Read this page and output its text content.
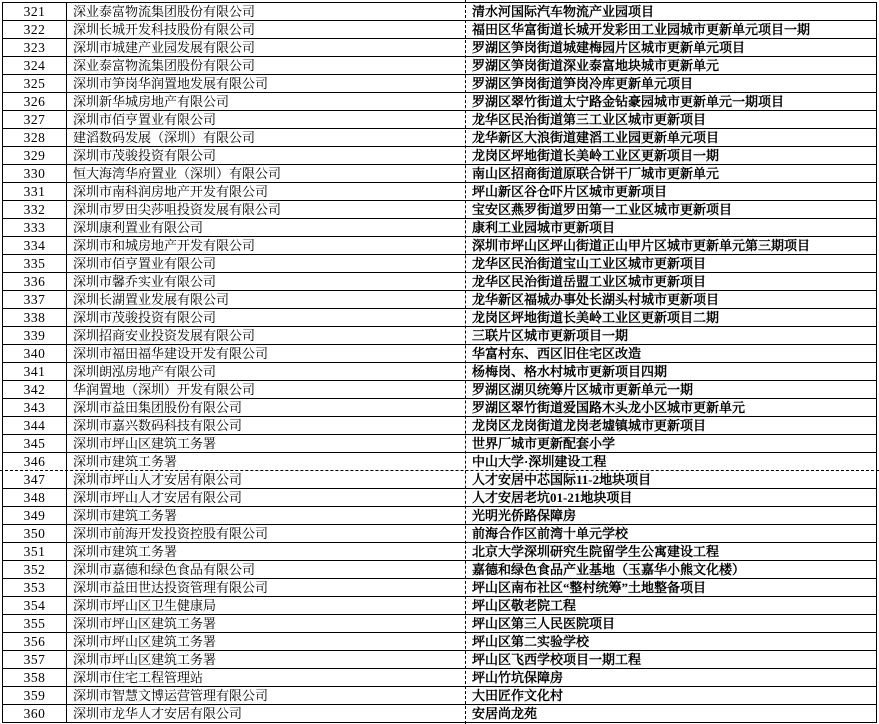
321	深业泰富物流集团股份有限公司	清水河国际汽车物流产业园项目
322	深圳长城开发科技股份有限公司	福田区华富街道长城开发彩田工业园城市更新单元项目一期
323	深圳市城建产业园发展有限公司	罗湖区笋岗街道城建梅园片区城市更新单元项目
324	深业泰富物流集团股份有限公司	罗湖区笋岗街道深业泰富地块城市更新单元
325	深圳市笋岗华润置地发展有限公司	罗湖区笋岗街道笋岗冷库更新单元项目
326	深圳新华城房地产有限公司	罗湖区翠竹街道太宁路金钻豪园城市更新单元一期项目
327	深圳市佰亨置业有限公司	龙华区民治街道第三工业区城市更新项目
328	建滔数码发展（深圳）有限公司	龙华新区大浪街道建滔工业园更新单元项目
329	深圳市茂骏投资有限公司	龙岗区坪地街道长美岭工业区更新项目一期
330	恒大海湾华府置业（深圳）有限公司	南山区招商街道原联合饼干厂城市更新单元
331	深圳市南科润房地产开发有限公司	坪山新区谷仓吓片区城市更新项目
332	深圳市罗田尖莎咀投资发展有限公司	宝安区燕罗街道罗田第一工业区城市更新项目
333	深圳康利置业有限公司	康利工业园城市更新项目
334	深圳市和城房地产开发有限公司	深圳市坪山区坪山街道正山甲片区城市更新单元第三期项目
335	深圳市佰亨置业有限公司	龙华区民治街道宝山工业区城市更新项目
336	深圳市馨乔实业有限公司	龙华区民治街道岳盟工业区城市更新项目
337	深圳长湖置业发展有限公司	龙华新区福城办事处长湖头村城市更新项目
338	深圳市茂骏投资有限公司	龙岗区坪地街道长美岭工业区更新项目二期
339	深圳招商安业投资发展有限公司	三联片区城市更新项目一期
340	深圳市福田福华建设开发有限公司	华富村东、西区旧住宅区改造
341	深圳朗泓房地产有限公司	杨梅岗、格水村城市更新项目四期
342	华润置地（深圳）开发有限公司	罗湖区湖贝统筹片区城市更新单元一期
343	深圳市益田集团股份有限公司	罗湖区翠竹街道爱国路木头龙小区城市更新单元
344	深圳市嘉兴数码科技有限公司	龙岗区龙岗街道龙岗老墟镇城市更新项目
345	深圳市坪山区建筑工务署	世界厂城市更新配套小学
346	深圳市建筑工务署	中山大学·深圳建设工程
347	深圳市坪山人才安居有限公司	人才安居中芯国际11-2地块项目
348	深圳市坪山人才安居有限公司	人才安居老坑01-21地块项目
349	深圳市建筑工务署	光明光侨路保障房
350	深圳市前海开发投资控股有限公司	前海合作区前湾十单元学校
351	深圳市建筑工务署	北京大学深圳研究生院留学生公寓建设工程
352	深圳市嘉德和绿色食品有限公司	嘉德和绿色食品产业基地（玉嘉华小熊文化楼）
353	深圳市益田世达投资管理有限公司	坪山区南布社区“整村统筹”土地整备项目
354	深圳市坪山区卫生健康局	坪山区敬老院工程
355	深圳市坪山区建筑工务署	坪山区第三人民医院项目
356	深圳市坪山区建筑工务署	坪山区第二实验学校
357	深圳市坪山区建筑工务署	坪山区飞西学校项目一期工程
358	深圳市住宅工程管理站	坪山竹坑保障房
359	深圳市智慧文博运营管理有限公司	大田匠作文化村
360	深圳市龙华人才安居有限公司	安居尚龙苑
